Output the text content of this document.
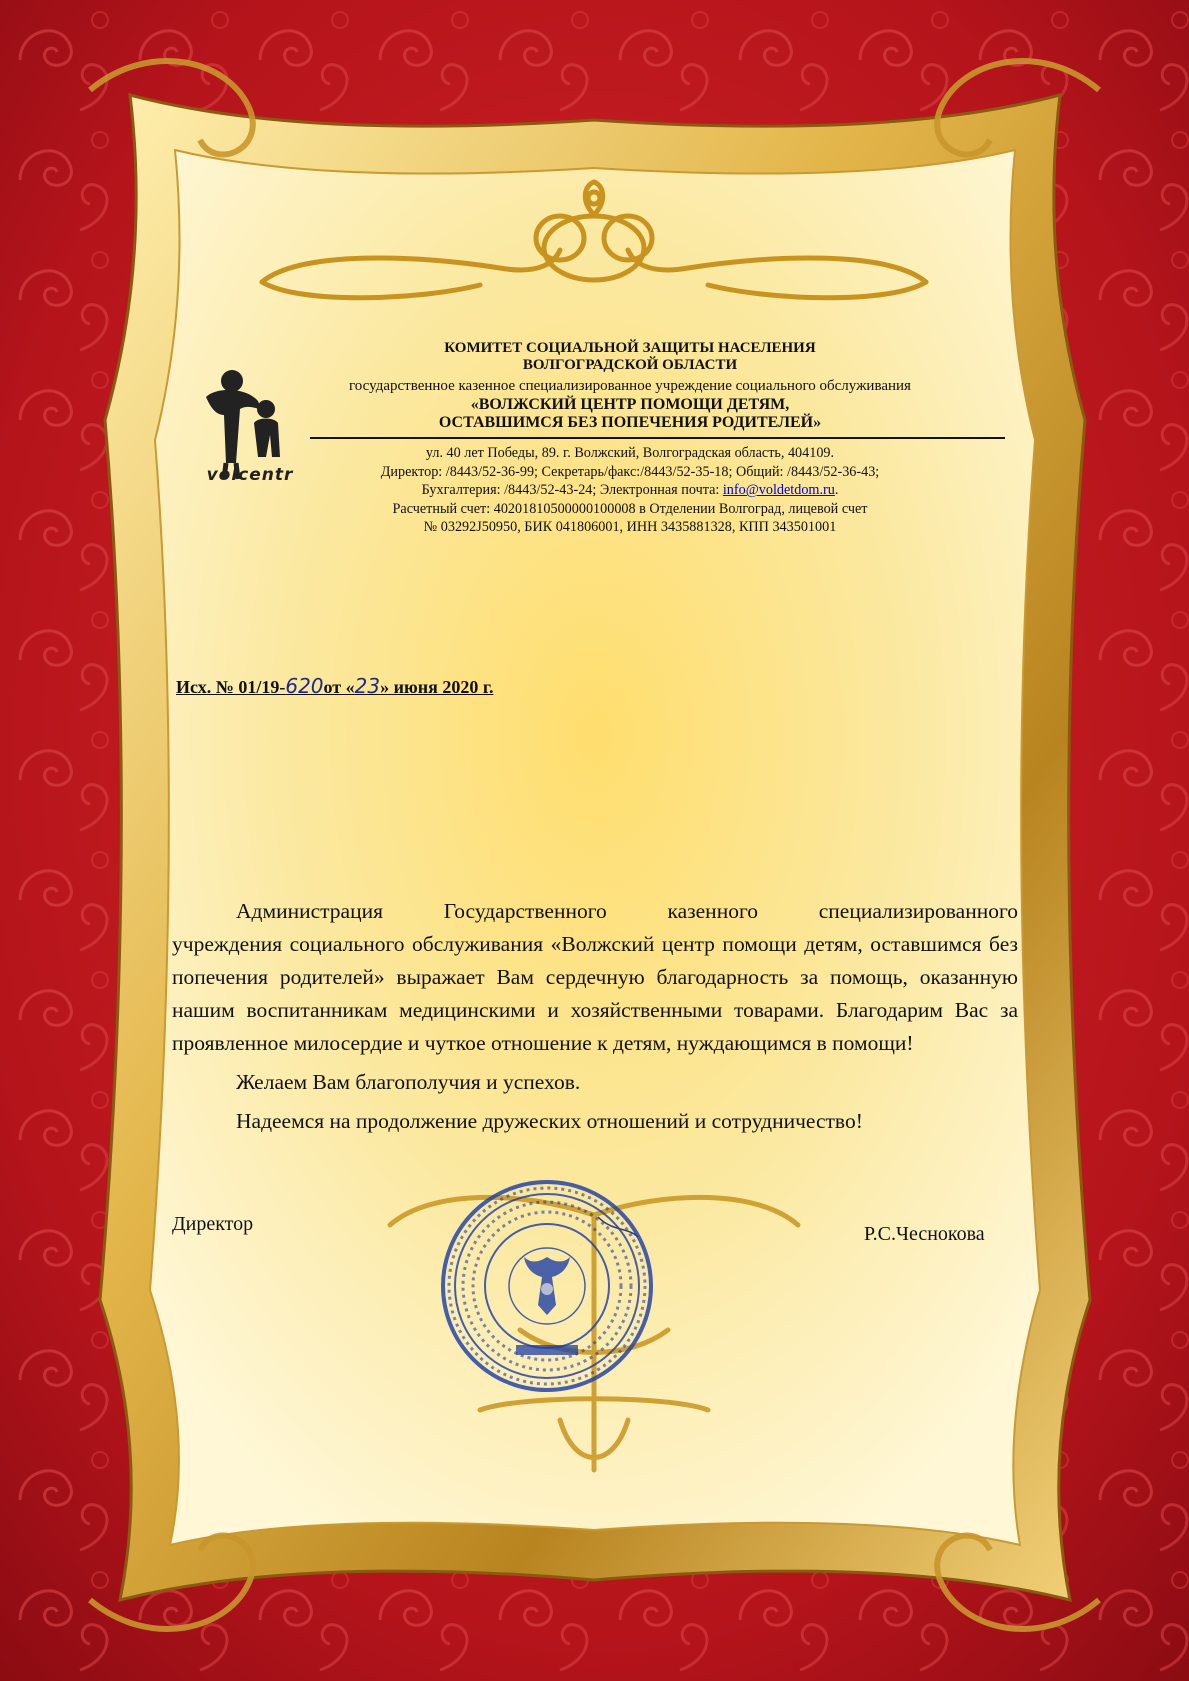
volcentr
КОМИТЕТ СОЦИАЛЬНОЙ ЗАЩИТЫ НАСЕЛЕНИЯ
ВОЛГОГРАДСКОЙ ОБЛАСТИ
государственное казенное специализированное учреждение социального обслуживания
«ВОЛЖСКИЙ ЦЕНТР ПОМОЩИ ДЕТЯМ,
ОСТАВШИМСЯ БЕЗ ПОПЕЧЕНИЯ РОДИТЕЛЕЙ»
ул. 40 лет Победы, 89. г. Волжский, Волгоградская область, 404109.
Директор: /8443/52-36-99; Секретарь/факс:/8443/52-35-18; Общий: /8443/52-36-43;
Бухгалтерия: /8443/52-43-24; Электронная почта: info@voldetdom.ru.
Расчетный счет: 40201810500000100008 в Отделении Волгоград, лицевой счет
№ 03292J50950, БИК 041806001, ИНН 3435881328, КПП 343501001
Исх. № 01/19-620от «23» июня 2020 г.

Администрация Государственного казенного специализированного

учреждения социального обслуживания «Волжский центр помощи детям, оставшимся без попечения родителей» выражает Вам сердечную благодарность за помощь, оказанную нашим воспитанникам медицинскими и хозяйственными товарами. Благодарим Вас за проявленное милосердие и чуткое отношение к детям, нуждающимся в помощи!

Желаем Вам благополучия и успехов.

Надеемся на продолжение дружеских отношений и сотрудничество!

Директор	Р.С.Чеснокова
